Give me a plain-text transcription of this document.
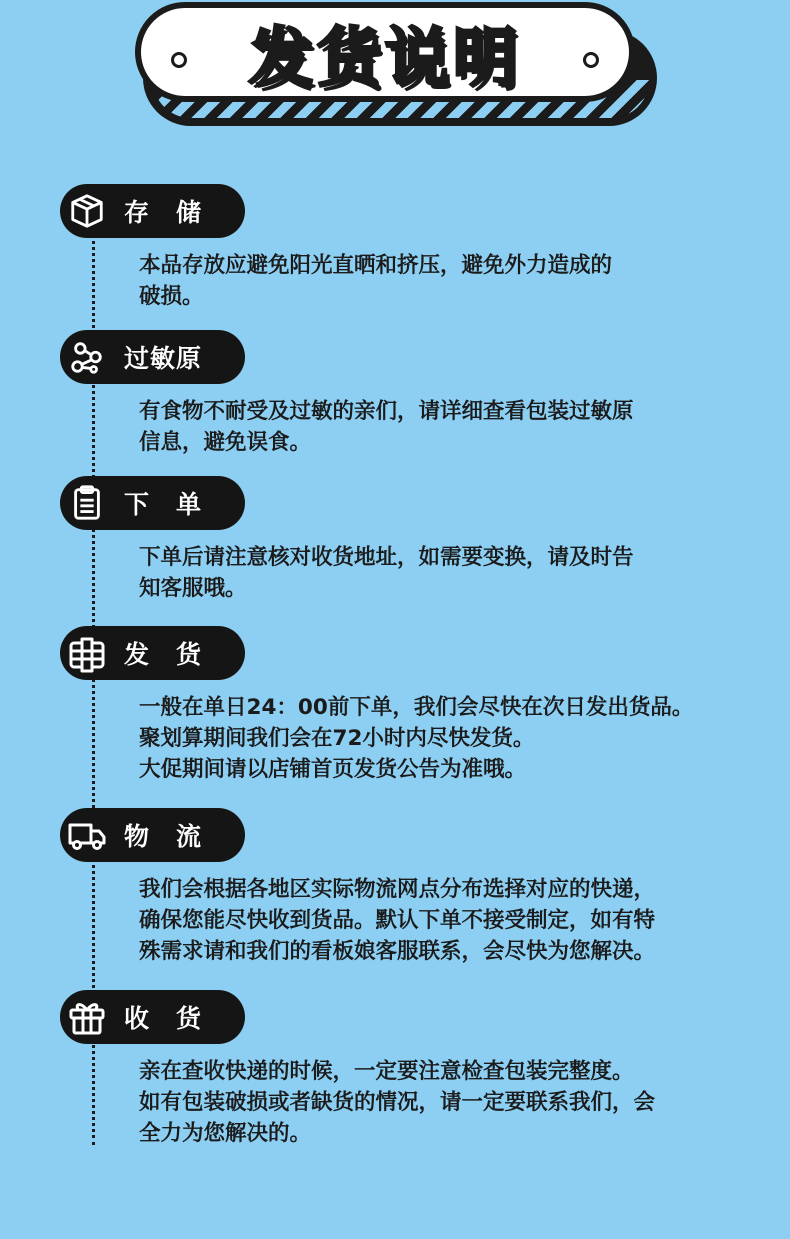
发货说明
存　储
本品存放应避免阳光直晒和挤压，避免外力造成的
破损。
过敏原
有食物不耐受及过敏的亲们，请详细查看包装过敏原
信息，避免误食。
下　单
下单后请注意核对收货地址，如需要变换，请及时告
知客服哦。
发　货
一般在单日24：00前下单，我们会尽快在次日发出货品。
聚划算期间我们会在72小时内尽快发货。
大促期间请以店铺首页发货公告为准哦。
物　流
我们会根据各地区实际物流网点分布选择对应的快递，
确保您能尽快收到货品。默认下单不接受制定，如有特
殊需求请和我们的看板娘客服联系，会尽快为您解决。
收　货
亲在查收快递的时候，一定要注意检查包装完整度。
如有包装破损或者缺货的情况，请一定要联系我们，会
全力为您解决的。
